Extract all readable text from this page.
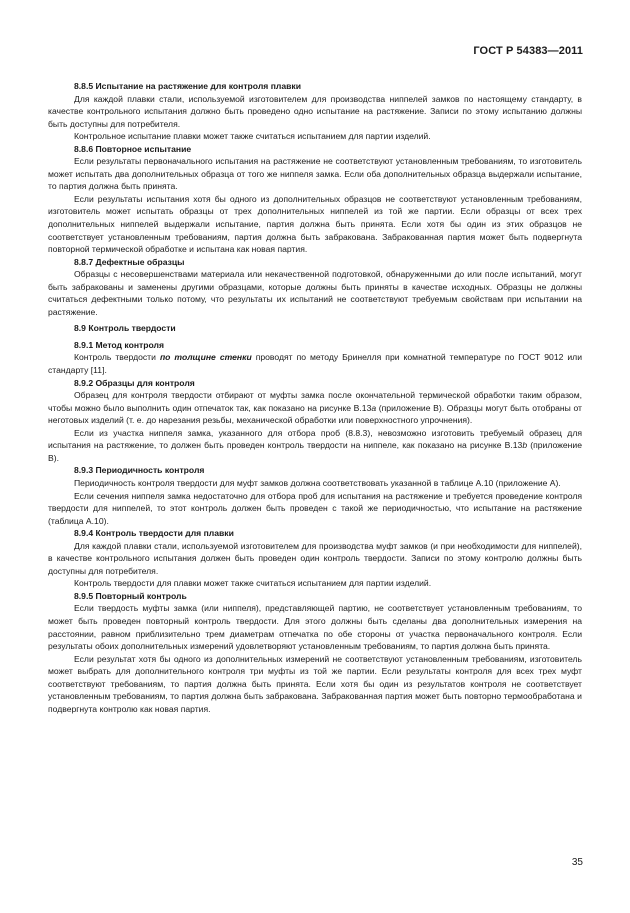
ГОСТ Р 54383—2011
8.8.5 Испытание на растяжение для контроля плавки

Для каждой плавки стали, используемой изготовителем для производства ниппелей замков по настоящему стандарту, в качестве контрольного испытания должно быть проведено одно испытание на растяжение. Записи по этому испытанию должны быть доступны для потребителя.

Контрольное испытание плавки может также считаться испытанием для партии изделий.

8.8.6 Повторное испытание

Если результаты первоначального испытания на растяжение не соответствуют установленным требованиям, то изготовитель может испытать два дополнительных образца от того же ниппеля замка. Если оба дополнительных образца выдержали испытание, то партия должна быть принята.

Если результаты испытания хотя бы одного из дополнительных образцов не соответствуют установленным требованиям, изготовитель может испытать образцы от трех дополнительных ниппелей из той же партии. Если образцы от всех трех дополнительных ниппелей выдержали испытание, партия должна быть принята. Если хотя бы один из этих образцов не соответствует установленным требованиям, партия должна быть забракована. Забракованная партия может быть подвергнута повторной термической обработке и испытана как новая партия.

8.8.7 Дефектные образцы

Образцы с несовершенствами материала или некачественной подготовкой, обнаруженными до или после испытаний, могут быть забракованы и заменены другими образцами, которые должны быть приняты в качестве исходных. Образцы не должны считаться дефектными только потому, что результаты их испытаний не соответствуют требуемым свойствам при испытании на растяжение.

8.9 Контроль твердости
8.9.1 Метод контроля

Контроль твердости по толщине стенки проводят по методу Бринелля при комнатной температуре по ГОСТ 9012 или стандарту [11].

8.9.2 Образцы для контроля

Образец для контроля твердости отбирают от муфты замка после окончательной термической обработки таким образом, чтобы можно было выполнить один отпечаток так, как показано на рисунке В.13а (приложение В). Образцы могут быть отобраны от неготовых изделий (т. е. до нарезания резьбы, механической обработки или поверхностного упрочнения).

Если из участка ниппеля замка, указанного для отбора проб (8.8.3), невозможно изготовить требуемый образец для испытания на растяжение, то должен быть проведен контроль твердости на ниппеле, как показано на рисунке В.13b (приложение В).

8.9.3 Периодичность контроля

Периодичность контроля твердости для муфт замков должна соответствовать указанной в таблице А.10 (приложение А).

Если сечения ниппеля замка недостаточно для отбора проб для испытания на растяжение и требуется проведение контроля твердости для ниппелей, то этот контроль должен быть проведен с такой же периодичностью, что испытание на растяжение (таблица А.10).

8.9.4 Контроль твердости для плавки

Для каждой плавки стали, используемой изготовителем для производства муфт замков (и при необходимости для ниппелей), в качестве контрольного испытания должен быть проведен один контроль твердости. Записи по этому контролю должны быть доступны для потребителя.

Контроль твердости для плавки может также считаться испытанием для партии изделий.

8.9.5 Повторный контроль

Если твердость муфты замка (или ниппеля), представляющей партию, не соответствует установленным требованиям, то может быть проведен повторный контроль твердости. Для этого должны быть сделаны два дополнительных измерения на расстоянии, равном приблизительно трем диаметрам отпечатка по обе стороны от участка первоначального контроля. Если результаты обоих дополнительных измерений удовлетворяют установленным требованиям, то партия должна быть принята.

Если результат хотя бы одного из дополнительных измерений не соответствуют установленным требованиям, изготовитель может выбрать для дополнительного контроля три муфты из той же партии. Если результаты контроля для всех трех муфт соответствуют требованиям, то партия должна быть принята. Если хотя бы один из результатов контроля не соответствует установленным требованиям, то партия должна быть забракована. Забракованная партия может быть повторно термообработана и подвергнута контролю как новая партия.

35
